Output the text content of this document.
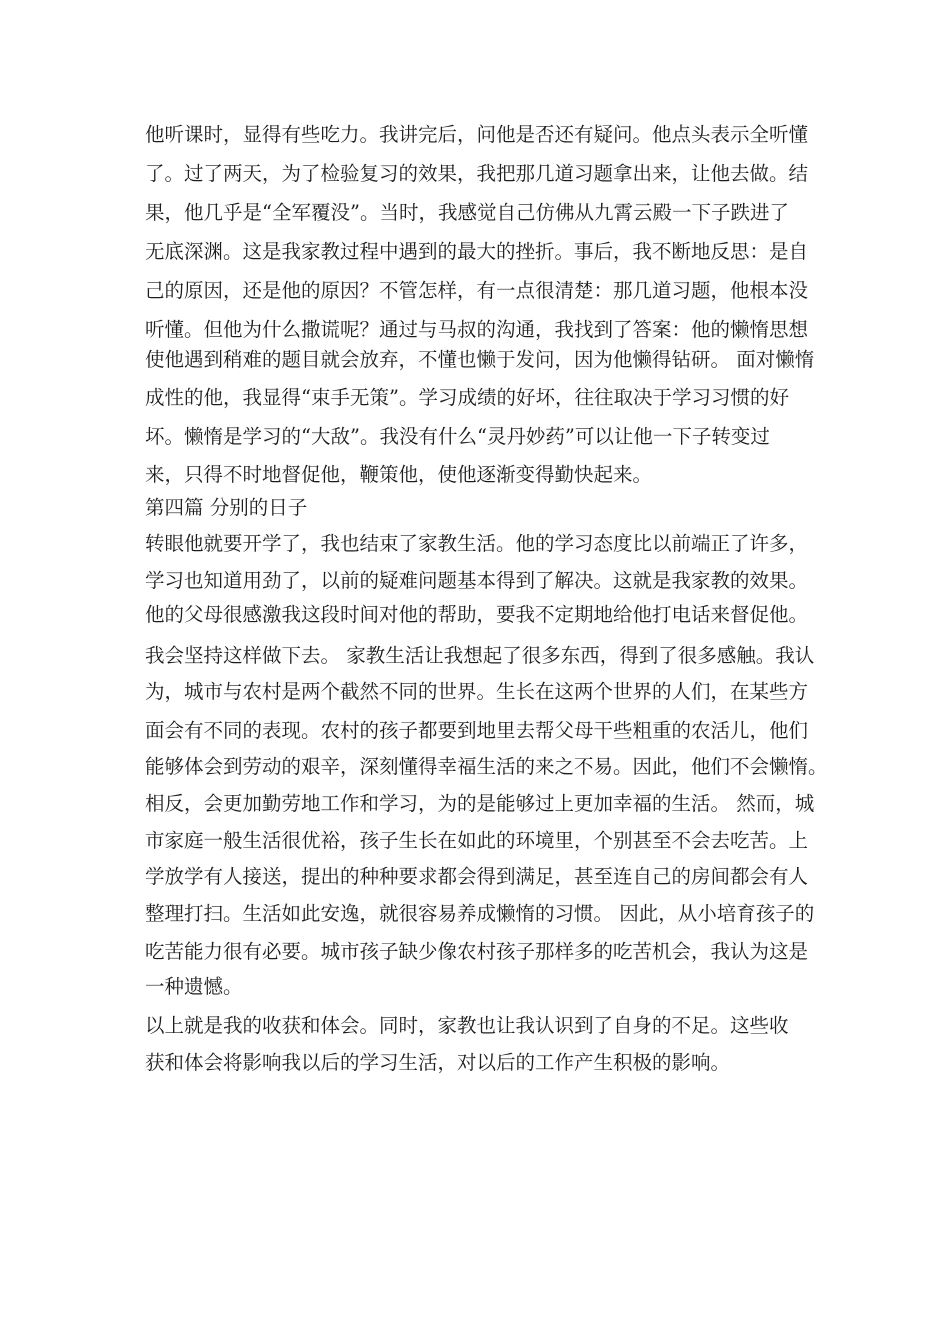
他听课时，显得有些吃力。我讲完后，问他是否还有疑问。他点头表示全听懂
了。过了两天，为了检验复习的效果，我把那几道习题拿出来，让他去做。结
果，他几乎是“全军覆没”。当时，我感觉自己仿佛从九霄云殿一下子跌进了
无底深渊。这是我家教过程中遇到的最大的挫折。事后，我不断地反思：是自
己的原因，还是他的原因？不管怎样，有一点很清楚：那几道习题，他根本没
听懂。但他为什么撒谎呢？通过与马叔的沟通，我找到了答案：他的懒惰思想
使他遇到稍难的题目就会放弃，不懂也懒于发问，因为他懒得钻研。 面对懒惰
成性的他，我显得“束手无策”。学习成绩的好坏，往往取决于学习习惯的好
坏。懒惰是学习的“大敌”。我没有什么“灵丹妙药”可以让他一下子转变过
来，只得不时地督促他，鞭策他，使他逐渐变得勤快起来。
第四篇 分别的日子
转眼他就要开学了，我也结束了家教生活。他的学习态度比以前端正了许多，
学习也知道用劲了，以前的疑难问题基本得到了解决。这就是我家教的效果。
他的父母很感激我这段时间对他的帮助，要我不定期地给他打电话来督促他。
我会坚持这样做下去。 家教生活让我想起了很多东西，得到了很多感触。我认
为，城市与农村是两个截然不同的世界。生长在这两个世界的人们，在某些方
面会有不同的表现。农村的孩子都要到地里去帮父母干些粗重的农活儿，他们
能够体会到劳动的艰辛，深刻懂得幸福生活的来之不易。因此，他们不会懒惰。
相反，会更加勤劳地工作和学习，为的是能够过上更加幸福的生活。 然而，城
市家庭一般生活很优裕，孩子生长在如此的环境里，个别甚至不会去吃苦。上
学放学有人接送，提出的种种要求都会得到满足，甚至连自己的房间都会有人
整理打扫。生活如此安逸，就很容易养成懒惰的习惯。 因此，从小培育孩子的
吃苦能力很有必要。城市孩子缺少像农村孩子那样多的吃苦机会，我认为这是
一种遗憾。
以上就是我的收获和体会。同时，家教也让我认识到了自身的不足。这些收
获和体会将影响我以后的学习生活，对以后的工作产生积极的影响。
